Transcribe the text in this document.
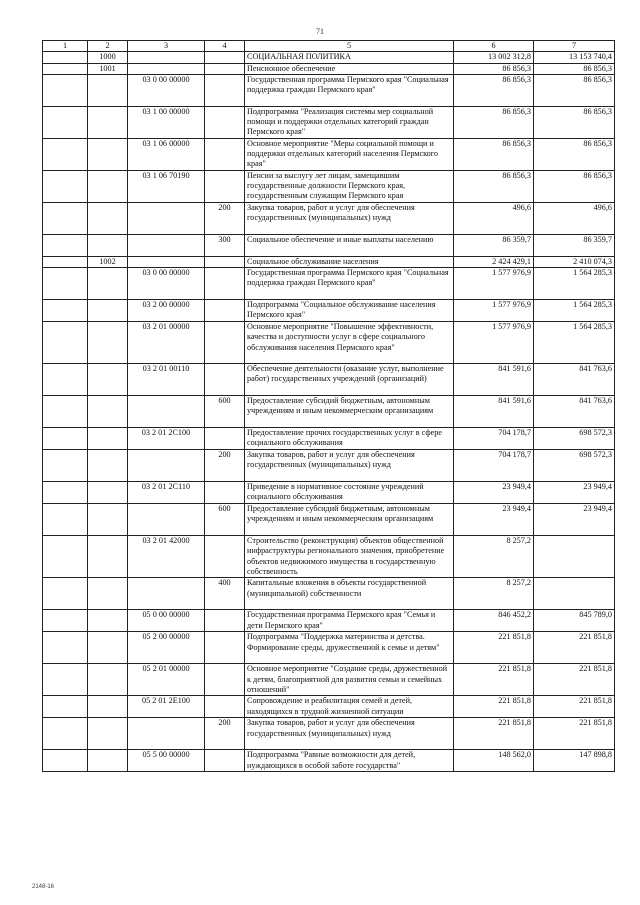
71
1	2	3	4	5	6	7
	1000			СОЦИАЛЬНАЯ ПОЛИТИКА	13 002 312,8	13 153 740,4
	1001			Пенсионное обеспечение	86 856,3	86 856,3
		03 0 00 00000		Государственная программа Пермского края "Социальная поддержка граждан Пермского края"	86 856,3	86 856,3
		03 1 00 00000		Подпрограмма "Реализация системы мер социальной помощи и поддержки отдельных категорий граждан Пермского края"	86 856,3	86 856,3
		03 1 06 00000		Основное мероприятие "Меры социальной помощи и поддержки отдельных категорий населения Пермского края"	86 856,3	86 856,3
		03 1 06 70190		Пенсии за выслугу лет лицам, замещавшим государственные должности Пермского края, государственным служащим Пермского края	86 856,3	86 856,3
			200	Закупка товаров, работ и услуг для обеспечения государственных (муниципальных) нужд	496,6	496,6
			300	Социальное обеспечение и иные выплаты населению	86 359,7	86 359,7
	1002			Социальное обслуживание населения	2 424 429,1	2 410 074,3
		03 0 00 00000		Государственная программа Пермского края "Социальная поддержка граждан Пермского края"	1 577 976,9	1 564 285,3
		03 2 00 00000		Подпрограмма "Социальное обслуживание населения Пермского края"	1 577 976,9	1 564 285,3
		03 2 01 00000		Основное мероприятие "Повышение эффективности, качества и доступности услуг в сфере социального обслуживания населения Пермского края"	1 577 976,9	1 564 285,3
		03 2 01 00110		Обеспечение деятельности (оказание услуг, выполнение работ) государственных учреждений (организаций)	841 591,6	841 763,6
			600	Предоставление субсидий бюджетным, автономным учреждениям и иным некоммерческим организациям	841 591,6	841 763,6
		03 2 01 2С100		Предоставление прочих государственных услуг в сфере социального обслуживания	704 178,7	698 572,3
			200	Закупка товаров, работ и услуг для обеспечения государственных (муниципальных) нужд	704 178,7	698 572,3
		03 2 01 2С110		Приведение в нормативное состояние учреждений социального обслуживания	23 949,4	23 949,4
			600	Предоставление субсидий бюджетным, автономным учреждениям и иным некоммерческим организациям	23 949,4	23 949,4
		03 2 01 42000		Строительство (реконструкция) объектов общественной инфраструктуры регионального значения, приобретение объектов недвижимого имущества в государственную собственность	8 257,2	
			400	Капитальные вложения в объекты государственной (муниципальной) собственности	8 257,2	
		05 0 00 00000		Государственная программа Пермского края "Семья и дети Пермского края"	846 452,2	845 789,0
		05 2 00 00000		Подпрограмма "Поддержка материнства и детства. Формирование среды, дружественной к семье и детям"	221 851,8	221 851,8
		05 2 01 00000		Основное мероприятие "Создание среды, дружественной к детям, благоприятной для развития семьи и семейных отношений"	221 851,8	221 851,8
		05 2 01 2Е100		Сопровождение и реабилитация семей и детей, находящихся в трудной жизненной ситуации	221 851,8	221 851,8
			200	Закупка товаров, работ и услуг для обеспечения государственных (муниципальных) нужд	221 851,8	221 851,8
		05 5 00 00000		Подпрограмма "Равные возможности для детей, нуждающихся в особой заботе государства"	148 562,0	147 898,8
2148-16
